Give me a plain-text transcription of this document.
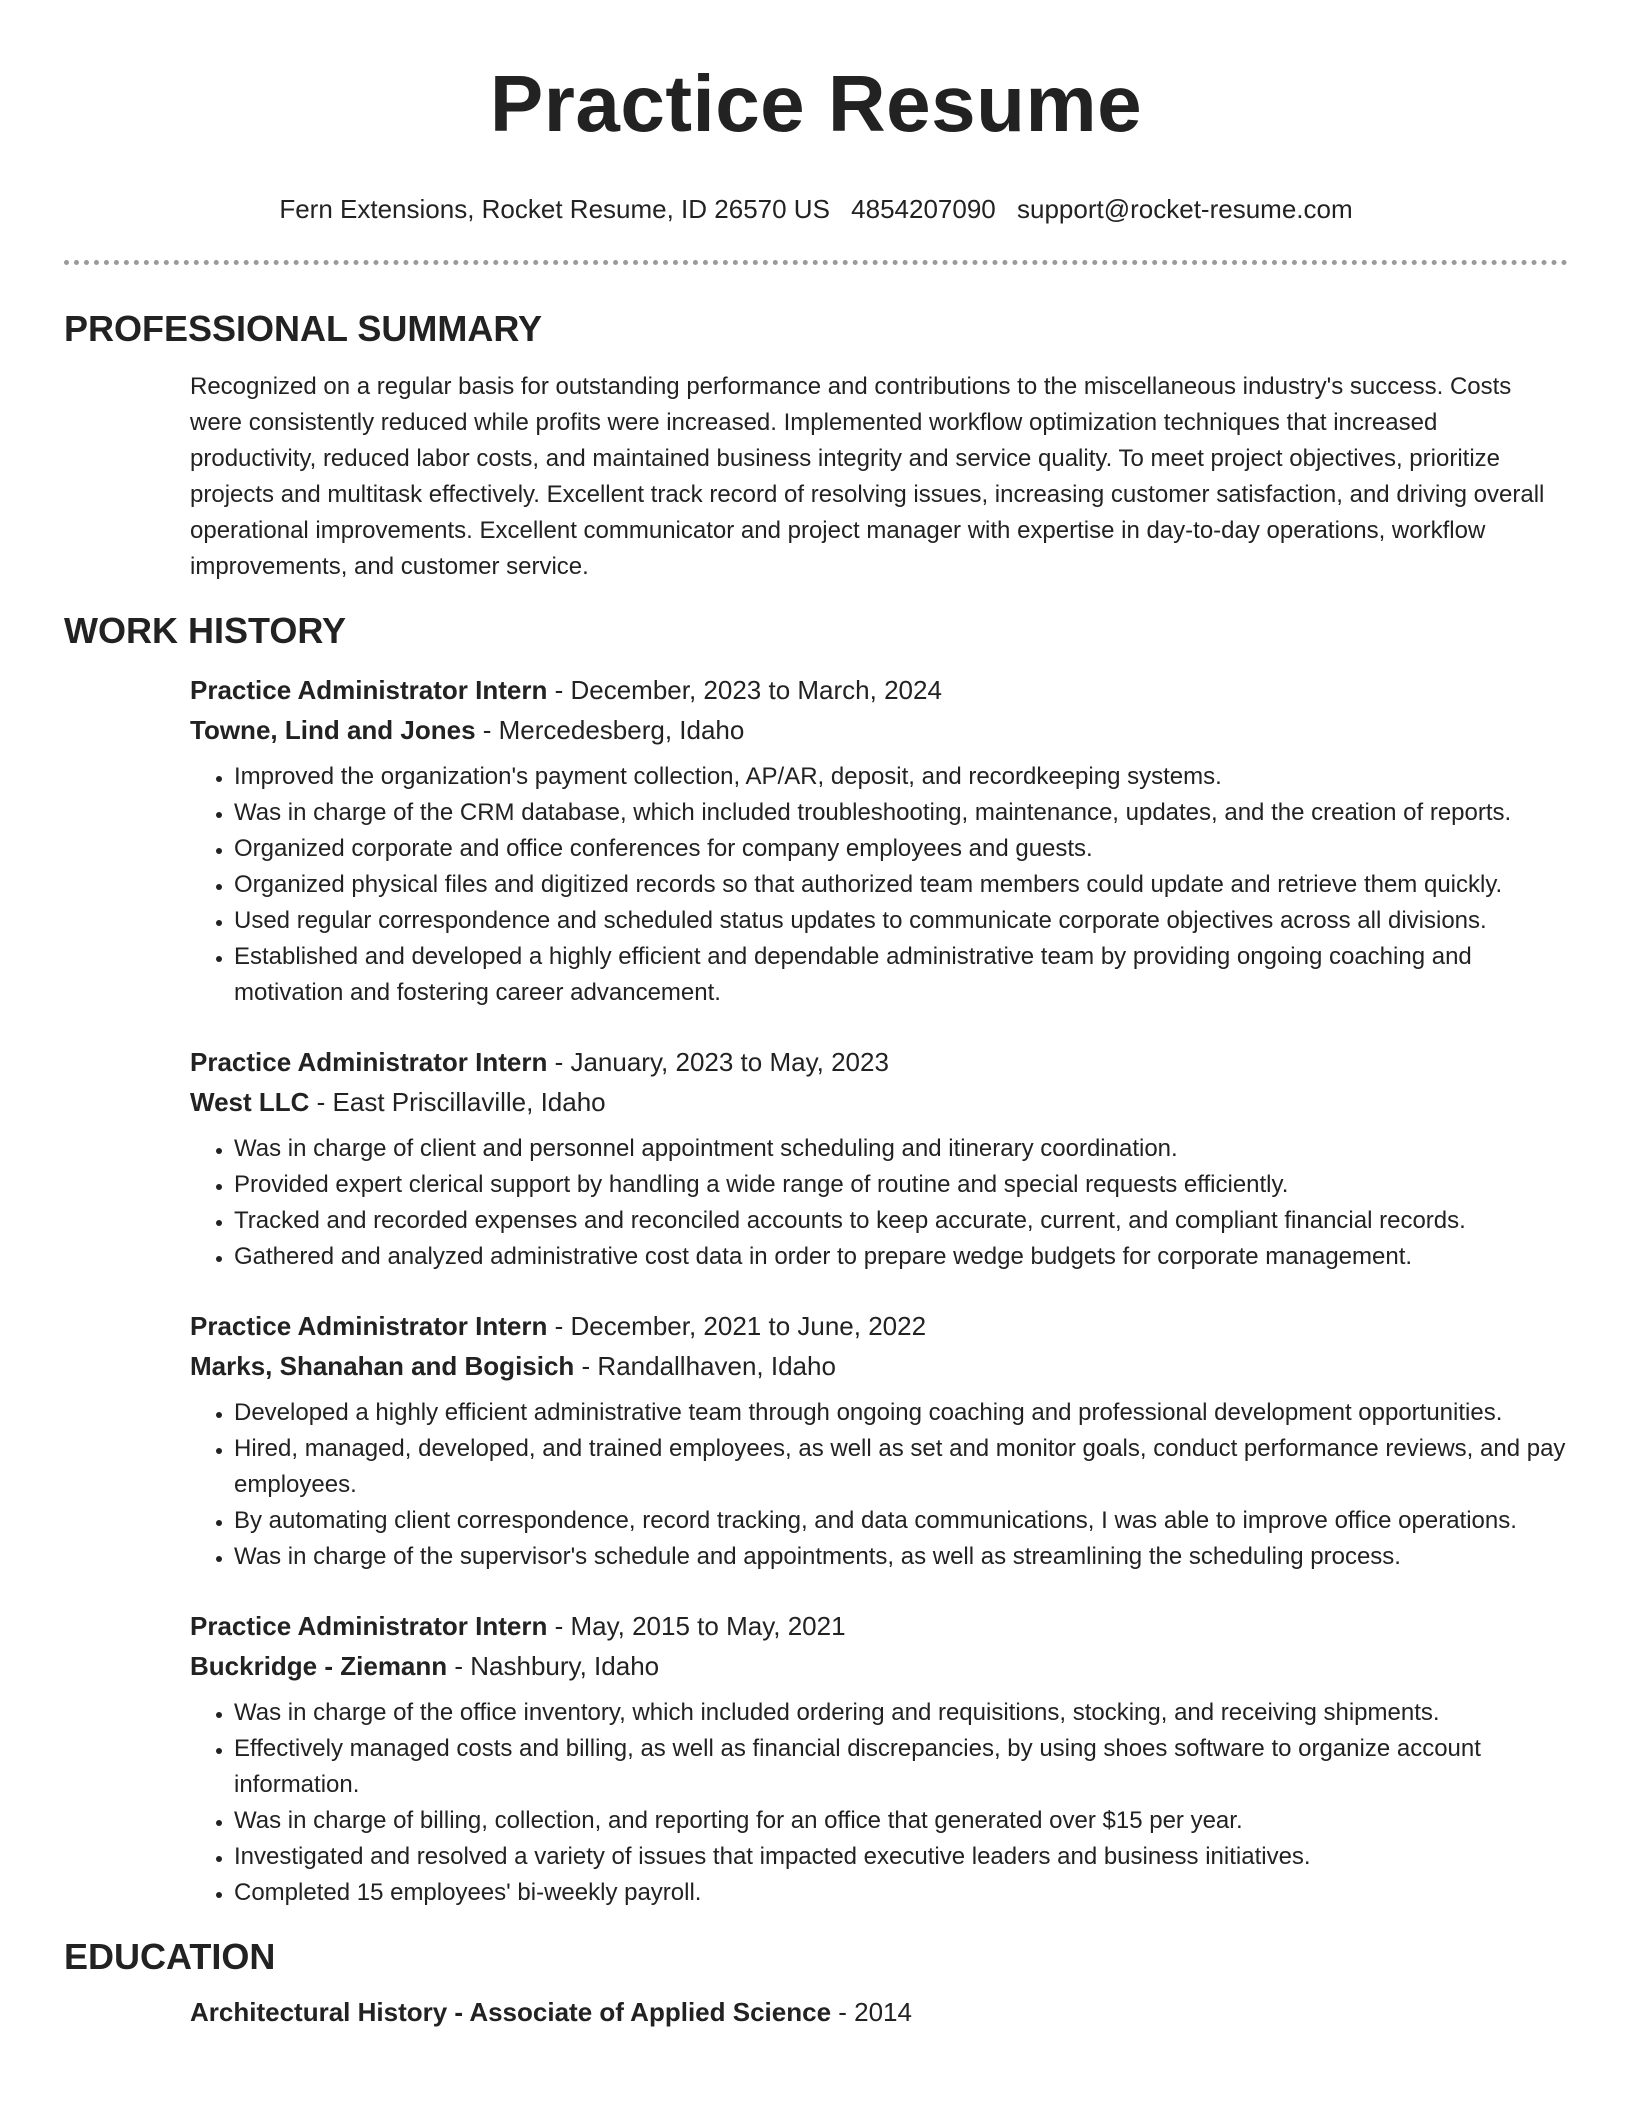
Practice Resume
Fern Extensions, Rocket Resume, ID 26570 US 4854207090 support@rocket-resume.com
PROFESSIONAL SUMMARY

Recognized on a regular basis for outstanding performance and contributions to the miscellaneous industry's success. Costs were consistently reduced while profits were increased. Implemented workflow optimization techniques that increased productivity, reduced labor costs, and maintained business integrity and service quality. To meet project objectives, prioritize projects and multitask effectively. Excellent track record of resolving issues, increasing customer satisfaction, and driving overall operational improvements. Excellent communicator and project manager with expertise in day-to-day operations, workflow improvements, and customer service.

WORK HISTORY

Practice Administrator Intern - December, 2023 to March, 2024

Towne, Lind and Jones - Mercedesberg, Idaho

• Improved the organization's payment collection, AP/AR, deposit, and recordkeeping systems.
• Was in charge of the CRM database, which included troubleshooting, maintenance, updates, and the creation of reports.
• Organized corporate and office conferences for company employees and guests.
• Organized physical files and digitized records so that authorized team members could update and retrieve them quickly.
• Used regular correspondence and scheduled status updates to communicate corporate objectives across all divisions.
• Established and developed a highly efficient and dependable administrative team by providing ongoing coaching and motivation and fostering career advancement.

Practice Administrator Intern - January, 2023 to May, 2023

West LLC - East Priscillaville, Idaho

• Was in charge of client and personnel appointment scheduling and itinerary coordination.
• Provided expert clerical support by handling a wide range of routine and special requests efficiently.
• Tracked and recorded expenses and reconciled accounts to keep accurate, current, and compliant financial records.
• Gathered and analyzed administrative cost data in order to prepare wedge budgets for corporate management.

Practice Administrator Intern - December, 2021 to June, 2022

Marks, Shanahan and Bogisich - Randallhaven, Idaho

• Developed a highly efficient administrative team through ongoing coaching and professional development opportunities.
• Hired, managed, developed, and trained employees, as well as set and monitor goals, conduct performance reviews, and pay employees.
• By automating client correspondence, record tracking, and data communications, I was able to improve office operations.
• Was in charge of the supervisor's schedule and appointments, as well as streamlining the scheduling process.

Practice Administrator Intern - May, 2015 to May, 2021

Buckridge - Ziemann - Nashbury, Idaho

• Was in charge of the office inventory, which included ordering and requisitions, stocking, and receiving shipments.
• Effectively managed costs and billing, as well as financial discrepancies, by using shoes software to organize account information.
• Was in charge of billing, collection, and reporting for an office that generated over $15 per year.
• Investigated and resolved a variety of issues that impacted executive leaders and business initiatives.
• Completed 15 employees' bi-weekly payroll.
EDUCATION

Architectural History - Associate of Applied Science - 2014
